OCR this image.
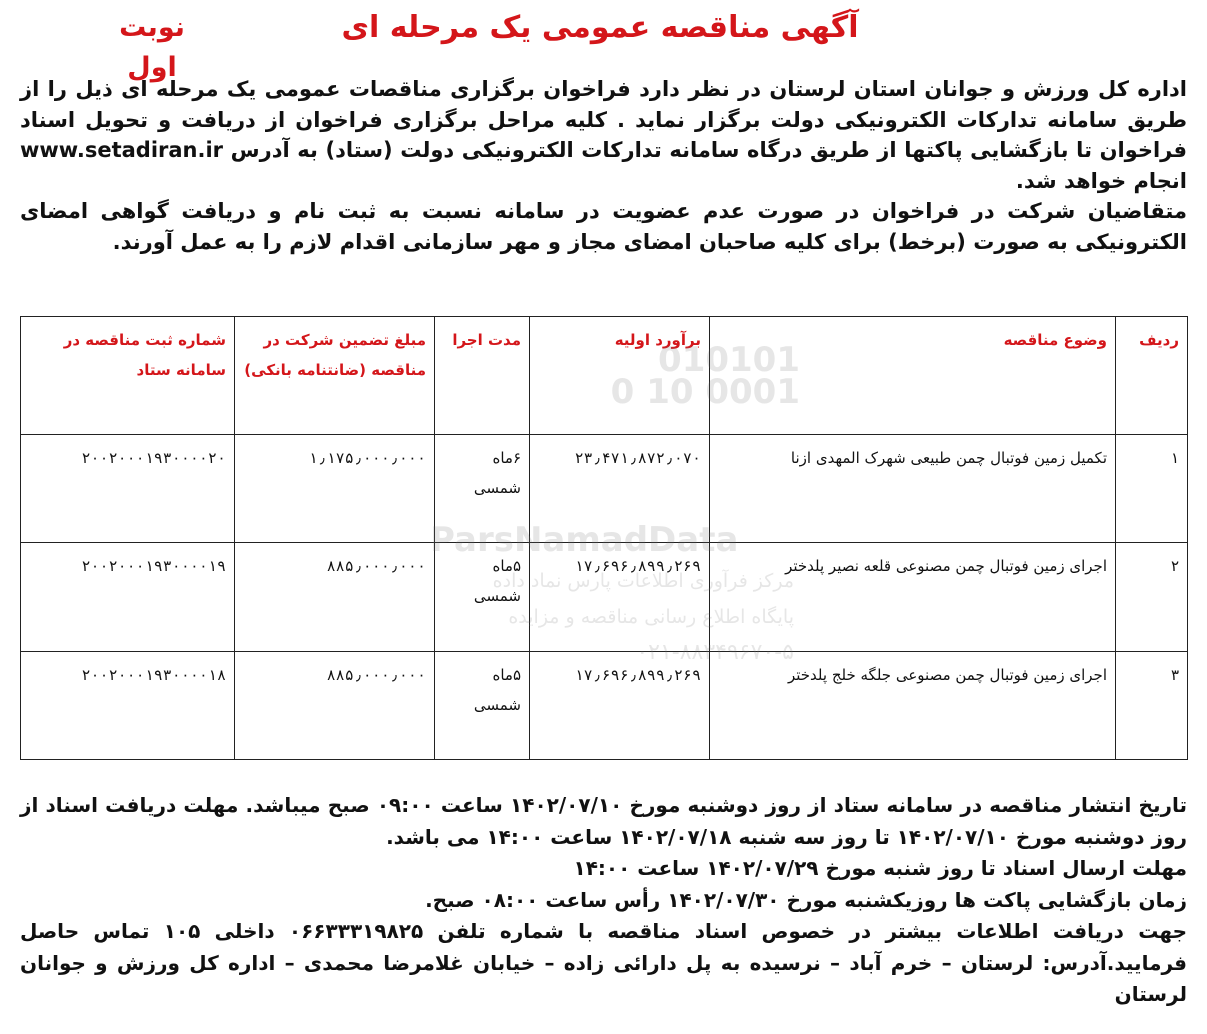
آگهی مناقصه عمومی یک مرحله ای
نوبت اول

اداره کل ورزش و جوانان استان لرستان در نظر دارد فراخوان برگزاری مناقصات عمومی یک مرحله ای ذیل را از طریق سامانه تدارکات الکترونیکی دولت برگزار نماید . کلیه مراحل برگزاری فراخوان از دریافت و تحویل اسناد فراخوان تا بازگشایی پاکتها از طریق درگاه سامانه تدارکات الکترونیکی دولت (ستاد) به آدرس www.setadiran.ir انجام خواهد شد.

متقاضیان شرکت در فراخوان در صورت عدم عضویت در سامانه نسبت به ثبت نام و دریافت گواهی امضای الکترونیکی به صورت (برخط) برای کلیه صاحبان امضای مجاز و مهر سازمانی اقدام لازم را به عمل آورند.

ردیف	وضوع مناقصه	برآورد اولیه	مدت اجرا	مبلغ تضمین شرکت در مناقصه (ضانتنامه بانکی)	شماره ثبت مناقصه در سامانه ستاد
۱	تکمیل زمین فوتبال چمن طبیعی شهرک المهدی ازنا	۲۳٫۴۷۱٫۸۷۲٫۰۷۰	۶ماه شمسی	۱٫۱۷۵٫۰۰۰٫۰۰۰	۲۰۰۲۰۰۰۱۹۳۰۰۰۰۲۰
۲	اجرای زمین فوتبال چمن مصنوعی قلعه نصیر پلدختر	۱۷٫۶۹۶٫۸۹۹٫۲۶۹	۵ماه شمسی	۸۸۵٫۰۰۰٫۰۰۰	۲۰۰۲۰۰۰۱۹۳۰۰۰۰۱۹
۳	اجرای زمین فوتبال چمن مصنوعی جلگه خلج پلدختر	۱۷٫۶۹۶٫۸۹۹٫۲۶۹	۵ماه شمسی	۸۸۵٫۰۰۰٫۰۰۰	۲۰۰۲۰۰۰۱۹۳۰۰۰۰۱۸
010101 0001 10 0
ParsNamadData
مرکز فرآوری اطلاعات پارس نماد داده
پایگاه اطلاع رسانی مناقصه و مزایده
۰۲۱-۸۸۳۴۹۶۷۰-۵

تاریخ انتشار مناقصه در سامانه ستاد از روز دوشنبه مورخ ۱۴۰۲/۰۷/۱۰ ساعت ۰۹:۰۰ صبح میباشد. مهلت دریافت اسناد از روز دوشنبه مورخ ۱۴۰۲/۰۷/۱۰ تا روز سه شنبه ۱۴۰۲/۰۷/۱۸ ساعت ۱۴:۰۰ می باشد.

مهلت ارسال اسناد تا روز شنبه مورخ ۱۴۰۲/۰۷/۲۹ ساعت ۱۴:۰۰

زمان بازگشایی پاکت ها روزیکشنبه مورخ ۱۴۰۲/۰۷/۳۰ رأس ساعت ۰۸:۰۰ صبح.

جهت دریافت اطلاعات بیشتر در خصوص اسناد مناقصه با شماره تلفن ۰۶۶۳۳۳۱۹۸۲۵ داخلی ۱۰۵ تماس حاصل فرمایید.آدرس: لرستان – خرم آباد – نرسیده به پل دارائی زاده – خیابان غلامرضا محمدی – اداره کل ورزش و جوانان لرستان
